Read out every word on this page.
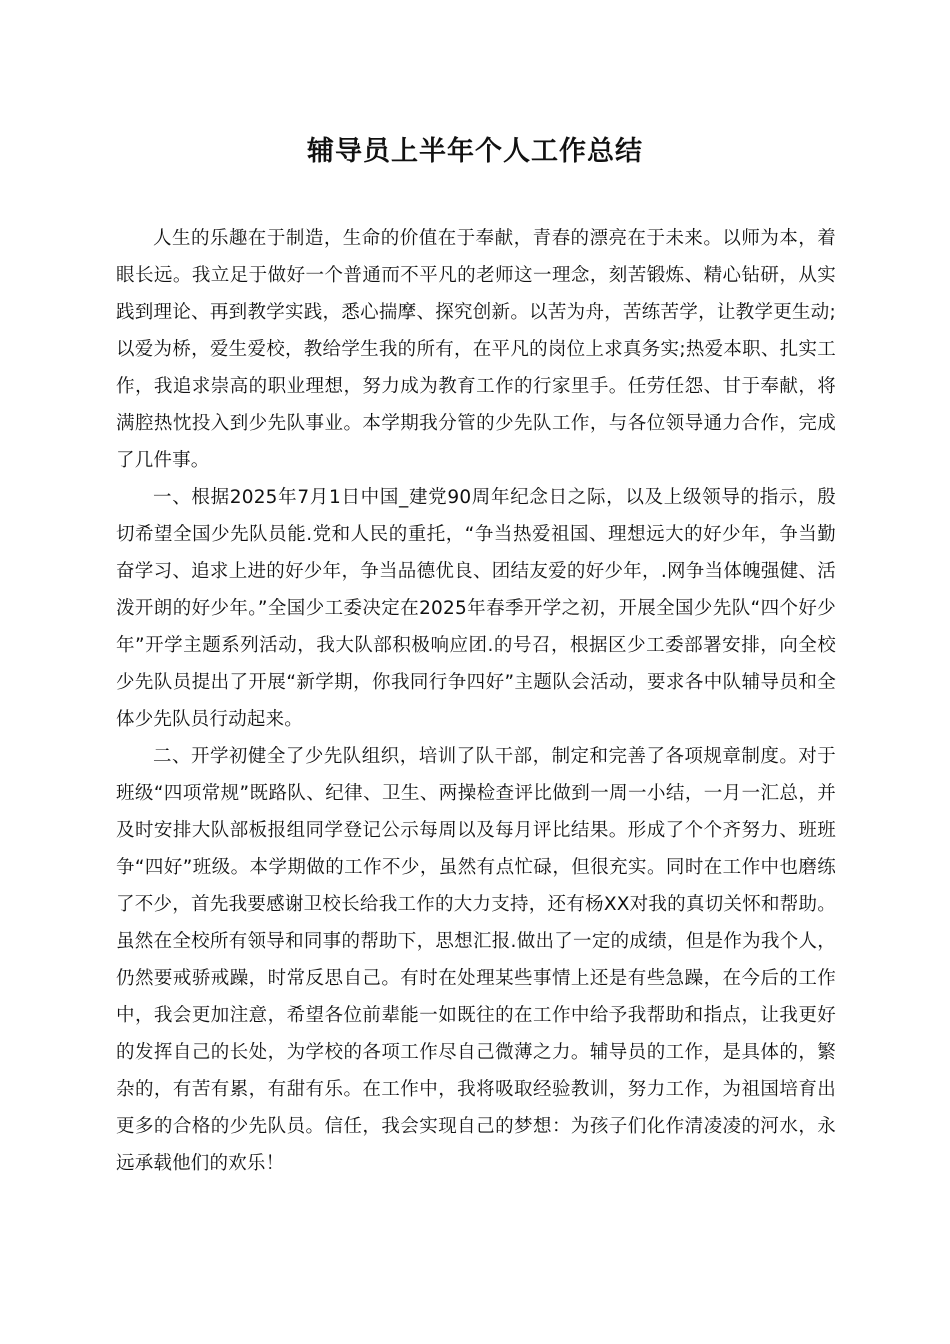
辅导员上半年个人工作总结

人生的乐趣在于制造，生命的价值在于奉献，青春的漂亮在于未来。以师为本，着眼长远。我立足于做好一个普通而不平凡的老师这一理念，刻苦锻炼、精心钻研，从实践到理论、再到教学实践，悉心揣摩、探究创新。以苦为舟，苦练苦学，让教学更生动;以爱为桥，爱生爱校，教给学生我的所有，在平凡的岗位上求真务实;热爱本职、扎实工作，我追求崇高的职业理想，努力成为教育工作的行家里手。任劳任怨、甘于奉献，将满腔热忱投入到少先队事业。本学期我分管的少先队工作，与各位领导通力合作，完成了几件事。

一、根据2025年7月1日中国_建党90周年纪念日之际，以及上级领导的指示，殷切希望全国少先队员能.党和人民的重托，“争当热爱祖国、理想远大的好少年，争当勤奋学习、追求上进的好少年，争当品德优良、团结友爱的好少年，.网争当体魄强健、活泼开朗的好少年。”全国少工委决定在2025年春季开学之初，开展全国少先队“四个好少年”开学主题系列活动，我大队部积极响应团.的号召，根据区少工委部署安排，向全校少先队员提出了开展“新学期，你我同行争四好”主题队会活动，要求各中队辅导员和全体少先队员行动起来。

二、开学初健全了少先队组织，培训了队干部，制定和完善了各项规章制度。对于班级“四项常规”既路队、纪律、卫生、两操检查评比做到一周一小结，一月一汇总，并及时安排大队部板报组同学登记公示每周以及每月评比结果。形成了个个齐努力、班班争“四好”班级。本学期做的工作不少，虽然有点忙碌，但很充实。同时在工作中也磨练了不少，首先我要感谢卫校长给我工作的大力支持，还有杨XX对我的真切关怀和帮助。虽然在全校所有领导和同事的帮助下，思想汇报.做出了一定的成绩，但是作为我个人，仍然要戒骄戒躁，时常反思自己。有时在处理某些事情上还是有些急躁，在今后的工作中，我会更加注意，希望各位前辈能一如既往的在工作中给予我帮助和指点，让我更好的发挥自己的长处，为学校的各项工作尽自己微薄之力。辅导员的工作，是具体的，繁杂的，有苦有累，有甜有乐。在工作中，我将吸取经验教训，努力工作，为祖国培育出更多的合格的少先队员。信任，我会实现自己的梦想：为孩子们化作清凌凌的河水，永远承载他们的欢乐！
